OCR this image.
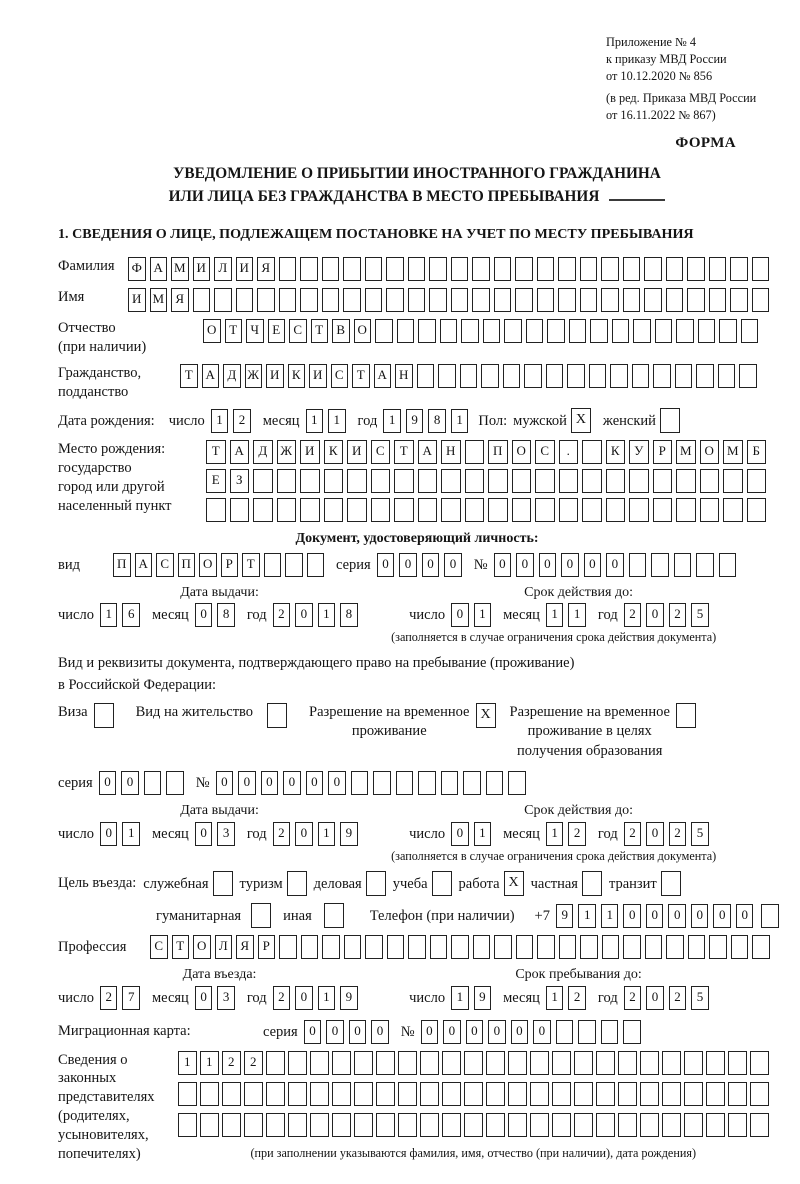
Приложение № 4
к приказу МВД России
от 10.12.2020 № 856
(в ред. Приказа МВД России
от 16.11.2022 № 867)
ФОРМА
УВЕДОМЛЕНИЕ О ПРИБЫТИИ ИНОСТРАННОГО ГРАЖДАНИНА
ИЛИ ЛИЦА БЕЗ ГРАЖДАНСТВА В МЕСТО ПРЕБЫВАНИЯ
1. СВЕДЕНИЯ О ЛИЦЕ, ПОДЛЕЖАЩЕМ ПОСТАНОВКЕ НА УЧЕТ ПО МЕСТУ ПРЕБЫВАНИЯ
Фамилия	Ф А М И Л И Я
Имя	И М Я
Отчество
(при наличии)
О Т	Ч	Е	С	Т	В О
Гражданство,
подданство
Т А Д Ж И К И С	Т А Н
Дата рождения: число 1	2	месяц 1	1	год 1	9	8	1	Пол: мужской X	женский
Место рождения:
государство
город или другой
населенный пункт
Т	А	Д	Ж И	К	И	С	Т	А	Н	П	О	С	.	К	У	Р	М	О	М	Б
Е	З
Документ, удостоверяющий личность:
вид	П А С П О	Р	Т	серия 0	0	0	0	№ 0	0	0	0	0	0
Дата выдачи:
число 1	6	месяц 0	8	год 2	0	1	8
Срок действия до:
число 0	1	месяц 1	1	год 2	0	2	5
(заполняется в случае ограничения срока действия документа)
Вид и реквизиты документа, подтверждающего право на пребывание (проживание)
в Российской Федерации:
Виза	Вид на жительство	Разрешение на временное
проживание
X	Разрешение на временное
проживание в целях
получения образования
серия 0	0	№ 0	0	0	0	0	0
Дата выдачи:
число 0	1	месяц 0	3	год 2	0	1	9
Срок действия до:
число 0	1	месяц 1	2	год 2	0	2	5
(заполняется в случае ограничения срока действия документа)
Цель въезда: служебная туризм деловая учеба работа X частная транзит
гуманитарная	иная	Телефон (при наличии) +7 9	1	1	0	0	0	0	0	0
Профессия	С	Т О Л Я	Р
Дата въезда:
число 2	7	месяц 0	3	год 2	0	1	9
Срок пребывания до:
число 1	9	месяц 1	2	год 2	0	2	5
Миграционная карта:	серия 0	0	0	0	№ 0	0	0	0	0	0
Сведения о
законных
представителях
(родителях,
усыновителях,
попечителях)
1	1	2	2
(при заполнении указываются фамилия, имя, отчество (при наличии), дата рождения)
